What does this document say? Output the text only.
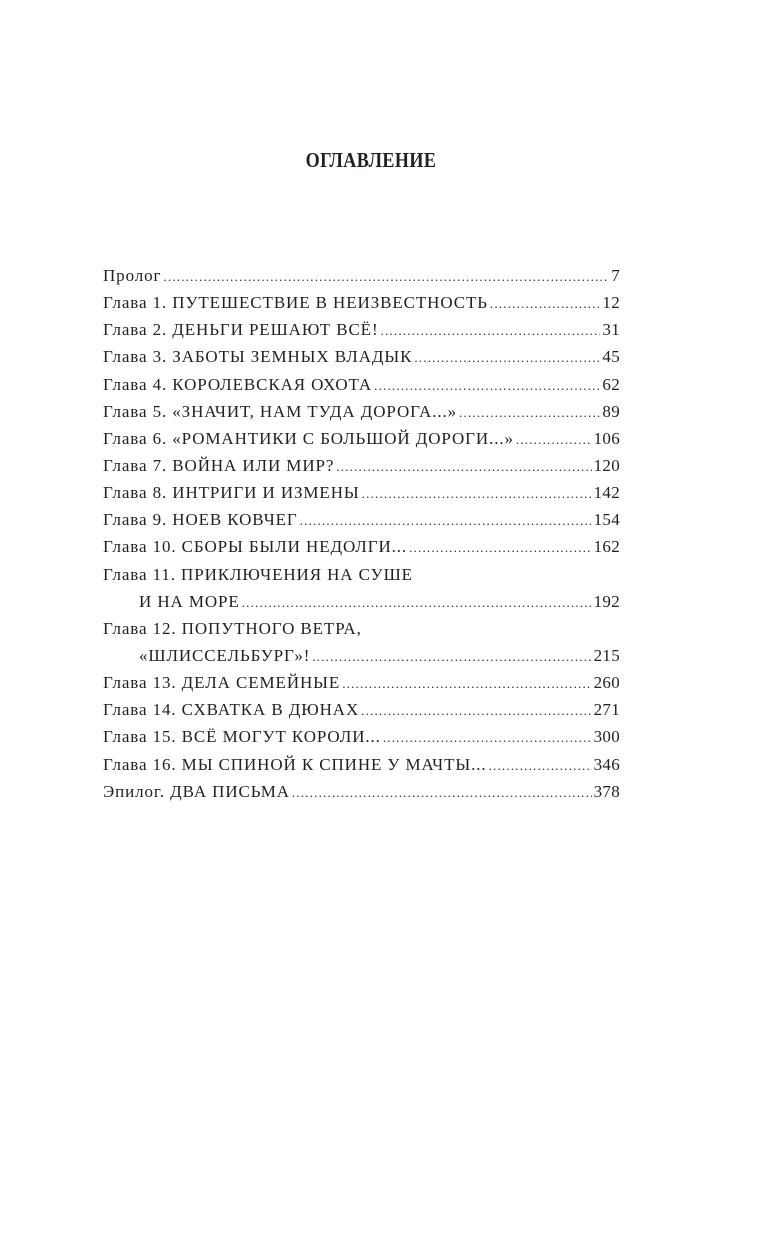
ОГЛАВЛЕНИЕ
Пролог .....	7
Глава 1. ПУТЕШЕСТВИЕ В НЕИЗВЕСТНОСТЬ .....	12
Глава 2. ДЕНЬГИ РЕШАЮТ ВСЁ! .....	31
Глава 3. ЗАБОТЫ ЗЕМНЫХ ВЛАДЫК .....	45
Глава 4. КОРОЛЕВСКАЯ ОХОТА .....	62
Глава 5. «ЗНАЧИТ, НАМ ТУДА ДОРОГА...» .....	89
Глава 6. «РОМАНТИКИ С БОЛЬШОЙ ДОРОГИ...» .....	106
Глава 7. ВОЙНА ИЛИ МИР? .....	120
Глава 8. ИНТРИГИ И ИЗМЕНЫ .....	142
Глава 9. НОЕВ КОВЧЕГ .....	154
Глава 10. СБОРЫ БЫЛИ НЕДОЛГИ... .....	162
Глава 11. ПРИКЛЮЧЕНИЯ НА СУШЕ
И НА МОРЕ .....	192
Глава 12. ПОПУТНОГО ВЕТРА,
«ШЛИССЕЛЬБУРГ»! .....	215
Глава 13. ДЕЛА СЕМЕЙНЫЕ .....	260
Глава 14. СХВАТКА В ДЮНАХ .....	271
Глава 15. ВСЁ МОГУТ КОРОЛИ... .....	300
Глава 16. МЫ СПИНОЙ К СПИНЕ У МАЧТЫ... .....	346
Эпилог. ДВА ПИСЬМА .....	378
